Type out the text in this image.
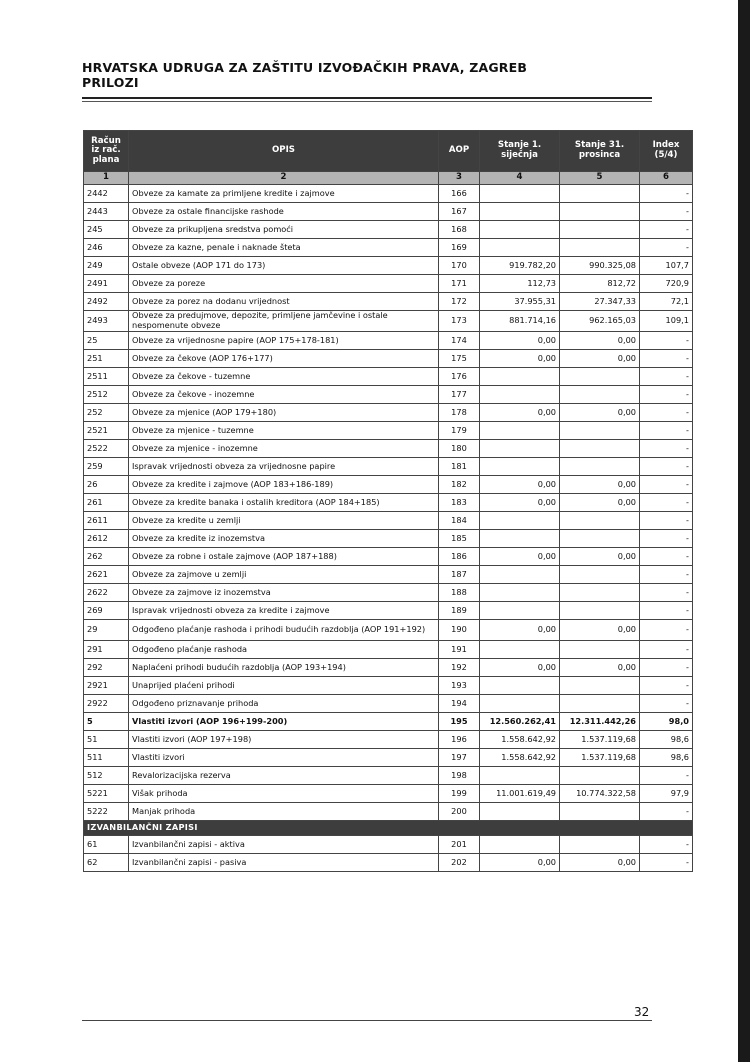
HRVATSKA UDRUGA ZA ZAŠTITU IZVOĐAČKIH PRAVA, ZAGREB
PRILOZI
Račun iz rač. plana	OPIS	AOP	Stanje 1. siječnja	Stanje 31. prosinca	Index (5/4)
1	2	3	4	5	6
2442	Obveze za kamate za primljene kredite i zajmove	166			-
2443	Obveze za ostale financijske rashode	167			-
245	Obveze za prikupljena sredstva pomoći	168			-
246	Obveze za kazne, penale i naknade šteta	169			-
249	Ostale obveze (AOP 171 do 173)	170	919.782,20	990.325,08	107,7
2491	Obveze za poreze	171	112,73	812,72	720,9
2492	Obveze za porez na dodanu vrijednost	172	37.955,31	27.347,33	72,1
2493	Obveze za predujmove, depozite, primljene jamčevine i ostale nespomenute obveze	173	881.714,16	962.165,03	109,1
25	Obveze za vrijednosne papire (AOP 175+178-181)	174	0,00	0,00	-
251	Obveze za čekove (AOP 176+177)	175	0,00	0,00	-
2511	Obveze za čekove - tuzemne	176			-
2512	Obveze za čekove - inozemne	177			-
252	Obveze za mjenice (AOP 179+180)	178	0,00	0,00	-
2521	Obveze za mjenice - tuzemne	179			-
2522	Obveze za mjenice - inozemne	180			-
259	Ispravak vrijednosti obveza za vrijednosne papire	181			-
26	Obveze za kredite i zajmove (AOP 183+186-189)	182	0,00	0,00	-
261	Obveze za kredite banaka i ostalih kreditora (AOP 184+185)	183	0,00	0,00	-
2611	Obveze za kredite u zemlji	184			-
2612	Obveze za kredite iz inozemstva	185			-
262	Obveze za robne i ostale zajmove (AOP 187+188)	186	0,00	0,00	-
2621	Obveze za zajmove u zemlji	187			-
2622	Obveze za zajmove iz inozemstva	188			-
269	Ispravak vrijednosti obveza za kredite i zajmove	189			-
29	Odgođeno plaćanje rashoda i prihodi budućih razdoblja (AOP 191+192)	190	0,00	0,00	-
291	Odgođeno plaćanje rashoda	191			-
292	Naplaćeni prihodi budućih razdoblja (AOP 193+194)	192	0,00	0,00	-
2921	Unaprijed plaćeni prihodi	193			-
2922	Odgođeno priznavanje prihoda	194			-
5	Vlastiti izvori (AOP 196+199-200)	195	12.560.262,41	12.311.442,26	98,0
51	Vlastiti izvori (AOP 197+198)	196	1.558.642,92	1.537.119,68	98,6
511	Vlastiti izvori	197	1.558.642,92	1.537.119,68	98,6
512	Revalorizacijska rezerva	198			-
5221	Višak prihoda	199	11.001.619,49	10.774.322,58	97,9
5222	Manjak prihoda	200			-
IZVANBILANČNI ZAPISI					
61	Izvanbilančni zapisi - aktiva	201			-
62	Izvanbilančni zapisi - pasiva	202	0,00	0,00	-
32
